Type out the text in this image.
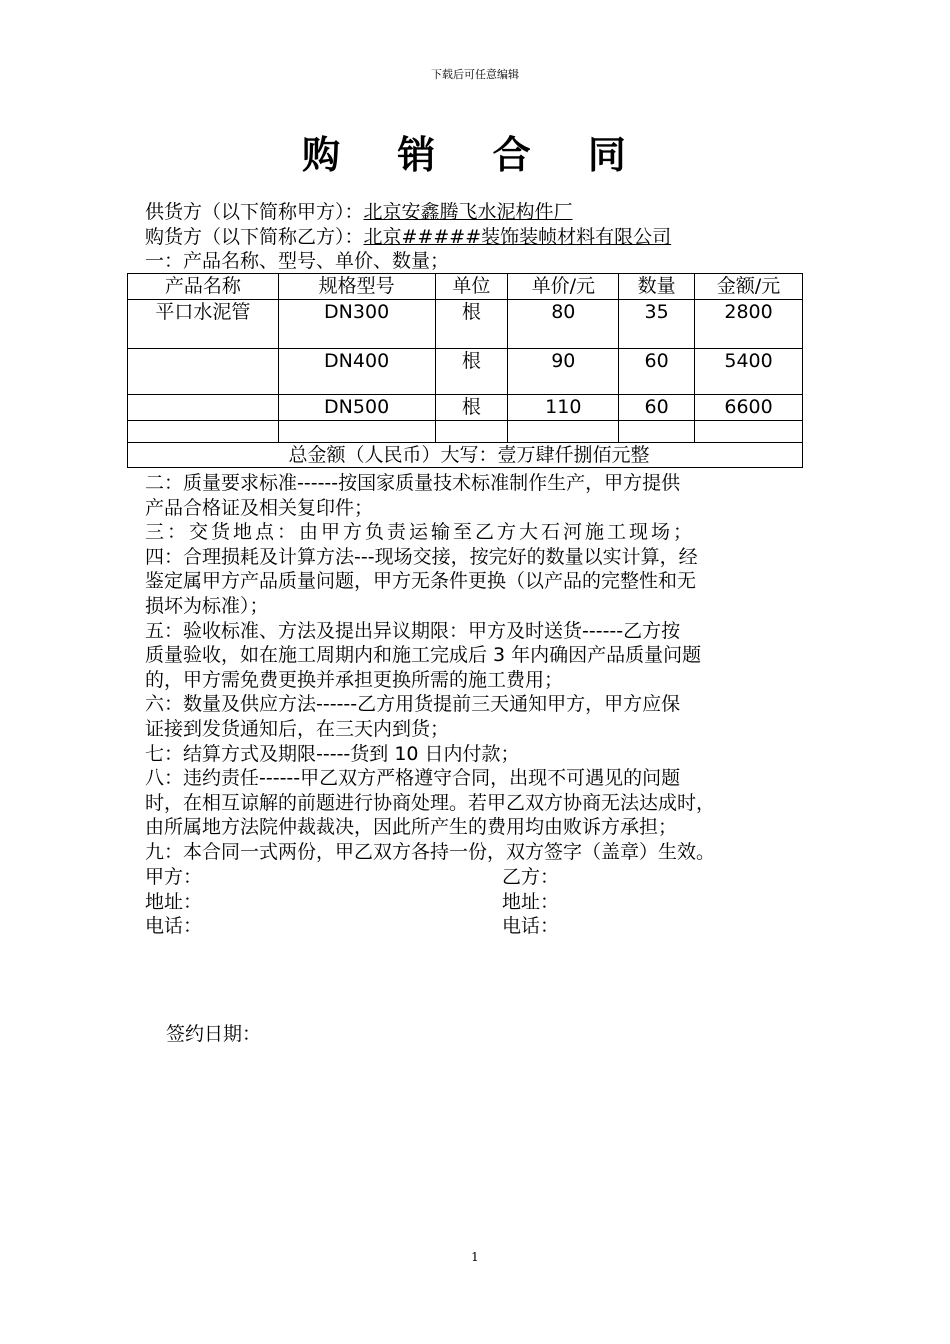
下载后可任意编辑
购 销 合 同
供货方（以下简称甲方）：北京安鑫腾飞水泥构件厂
购货方（以下简称乙方）：北京#####装饰装帧材料有限公司
一：产品名称、型号、单价、数量；
产品名称	规格型号	单位	单价/元	数量	金额/元
平口水泥管	DN300	根	80	35	2800
	DN400	根	90	60	5400
	DN500	根	110	60	6600

总金额（人民币）大写：壹万肆仟捌佰元整					
二：质量要求标准------按国家质量技术标准制作生产，甲方提供
产品合格证及相关复印件；
三：交货地点：由甲方负责运输至乙方大石河施工现场；
四：合理损耗及计算方法---现场交接，按完好的数量以实计算，经
鉴定属甲方产品质量问题，甲方无条件更换（以产品的完整性和无
损坏为标准）；
五：验收标准、方法及提出异议期限：甲方及时送货------乙方按
质量验收，如在施工周期内和施工完成后 3 年内确因产品质量问题
的，甲方需免费更换并承担更换所需的施工费用；
六：数量及供应方法------乙方用货提前三天通知甲方，甲方应保
证接到发货通知后，在三天内到货；
七：结算方式及期限-----货到 10 日内付款；
八：违约责任------甲乙双方严格遵守合同，出现不可遇见的问题
时，在相互谅解的前题进行协商处理。若甲乙双方协商无法达成时，
由所属地方法院仲裁裁决，因此所产生的费用均由败诉方承担；
九：本合同一式两份，甲乙双方各持一份，双方签字（盖章）生效。
甲方：
地址：
电话：
乙方：
地址：
电话：
签约日期：
1
